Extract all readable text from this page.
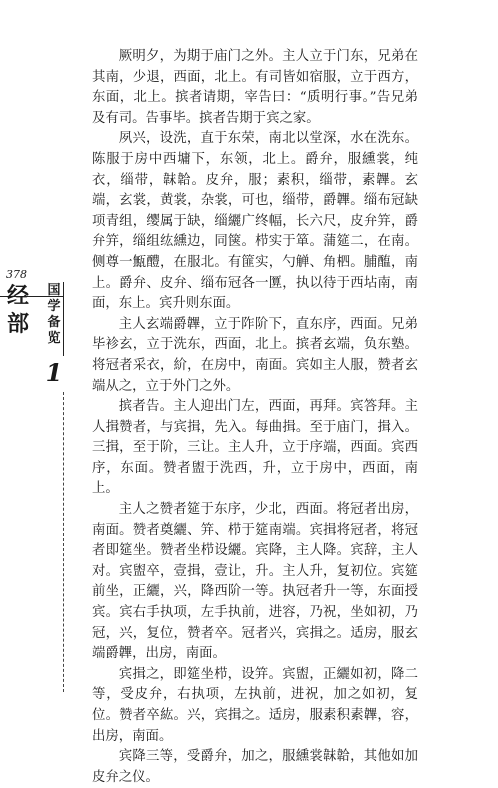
378
经
部
国
学
备
览
1

厥明夕，为期于庙门之外。主人立于门东，兄弟在其南，少退，西面，北上。有司皆如宿服，立于西方，东面，北上。摈者请期，宰告曰：“质明行事。”告兄弟及有司。告事毕。摈者告期于宾之家。

夙兴，设洗，直于东荣，南北以堂深，水在洗东。陈服于房中西墉下，东领，北上。爵弁，服纁裳，纯衣，缁带，韎韐。皮弁，服；素积，缁带，素韠。玄端，玄裳，黄裳，杂裳，可也，缁带，爵韠。缁布冠缺项青组，缨属于缺，缁纚广终幅，长六尺，皮弁笄，爵弁笄，缁组纮纁边，同箧。栉实于箪。蒲筵二，在南。侧尊一甒醴，在服北。有篚实，勺觯、角柶。脯醢，南上。爵弁、皮弁、缁布冠各一匴，执以待于西坫南，南面，东上。宾升则东面。

主人玄端爵韠，立于阼阶下，直东序，西面。兄弟毕袗玄，立于洗东，西面，北上。摈者玄端，负东塾。将冠者采衣，紒，在房中，南面。宾如主人服，赞者玄端从之，立于外门之外。

摈者告。主人迎出门左，西面，再拜。宾答拜。主人揖赞者，与宾揖，先入。每曲揖。至于庙门，揖入。三揖，至于阶，三让。主人升，立于序端，西面。宾西序，东面。赞者盥于洗西，升，立于房中，西面，南上。

主人之赞者筵于东序，少北，西面。将冠者出房，南面。赞者奠纚、笄、栉于筵南端。宾揖将冠者，将冠者即筵坐。赞者坐栉设纚。宾降，主人降。宾辞，主人对。宾盥卒，壹揖，壹让，升。主人升，复初位。宾筵前坐，正纚，兴，降西阶一等。执冠者升一等，东面授宾。宾右手执项，左手执前，进容，乃祝，坐如初，乃冠，兴，复位，赞者卒。冠者兴，宾揖之。适房，服玄端爵韠，出房，南面。

宾揖之，即筵坐栉，设笄。宾盥，正纚如初，降二等，受皮弁，右执项，左执前，进祝，加之如初，复位。赞者卒紘。兴，宾揖之。适房，服素积素韠，容，出房，南面。

宾降三等，受爵弁，加之，服纁裳韎韐，其他如加皮弁之仪。
